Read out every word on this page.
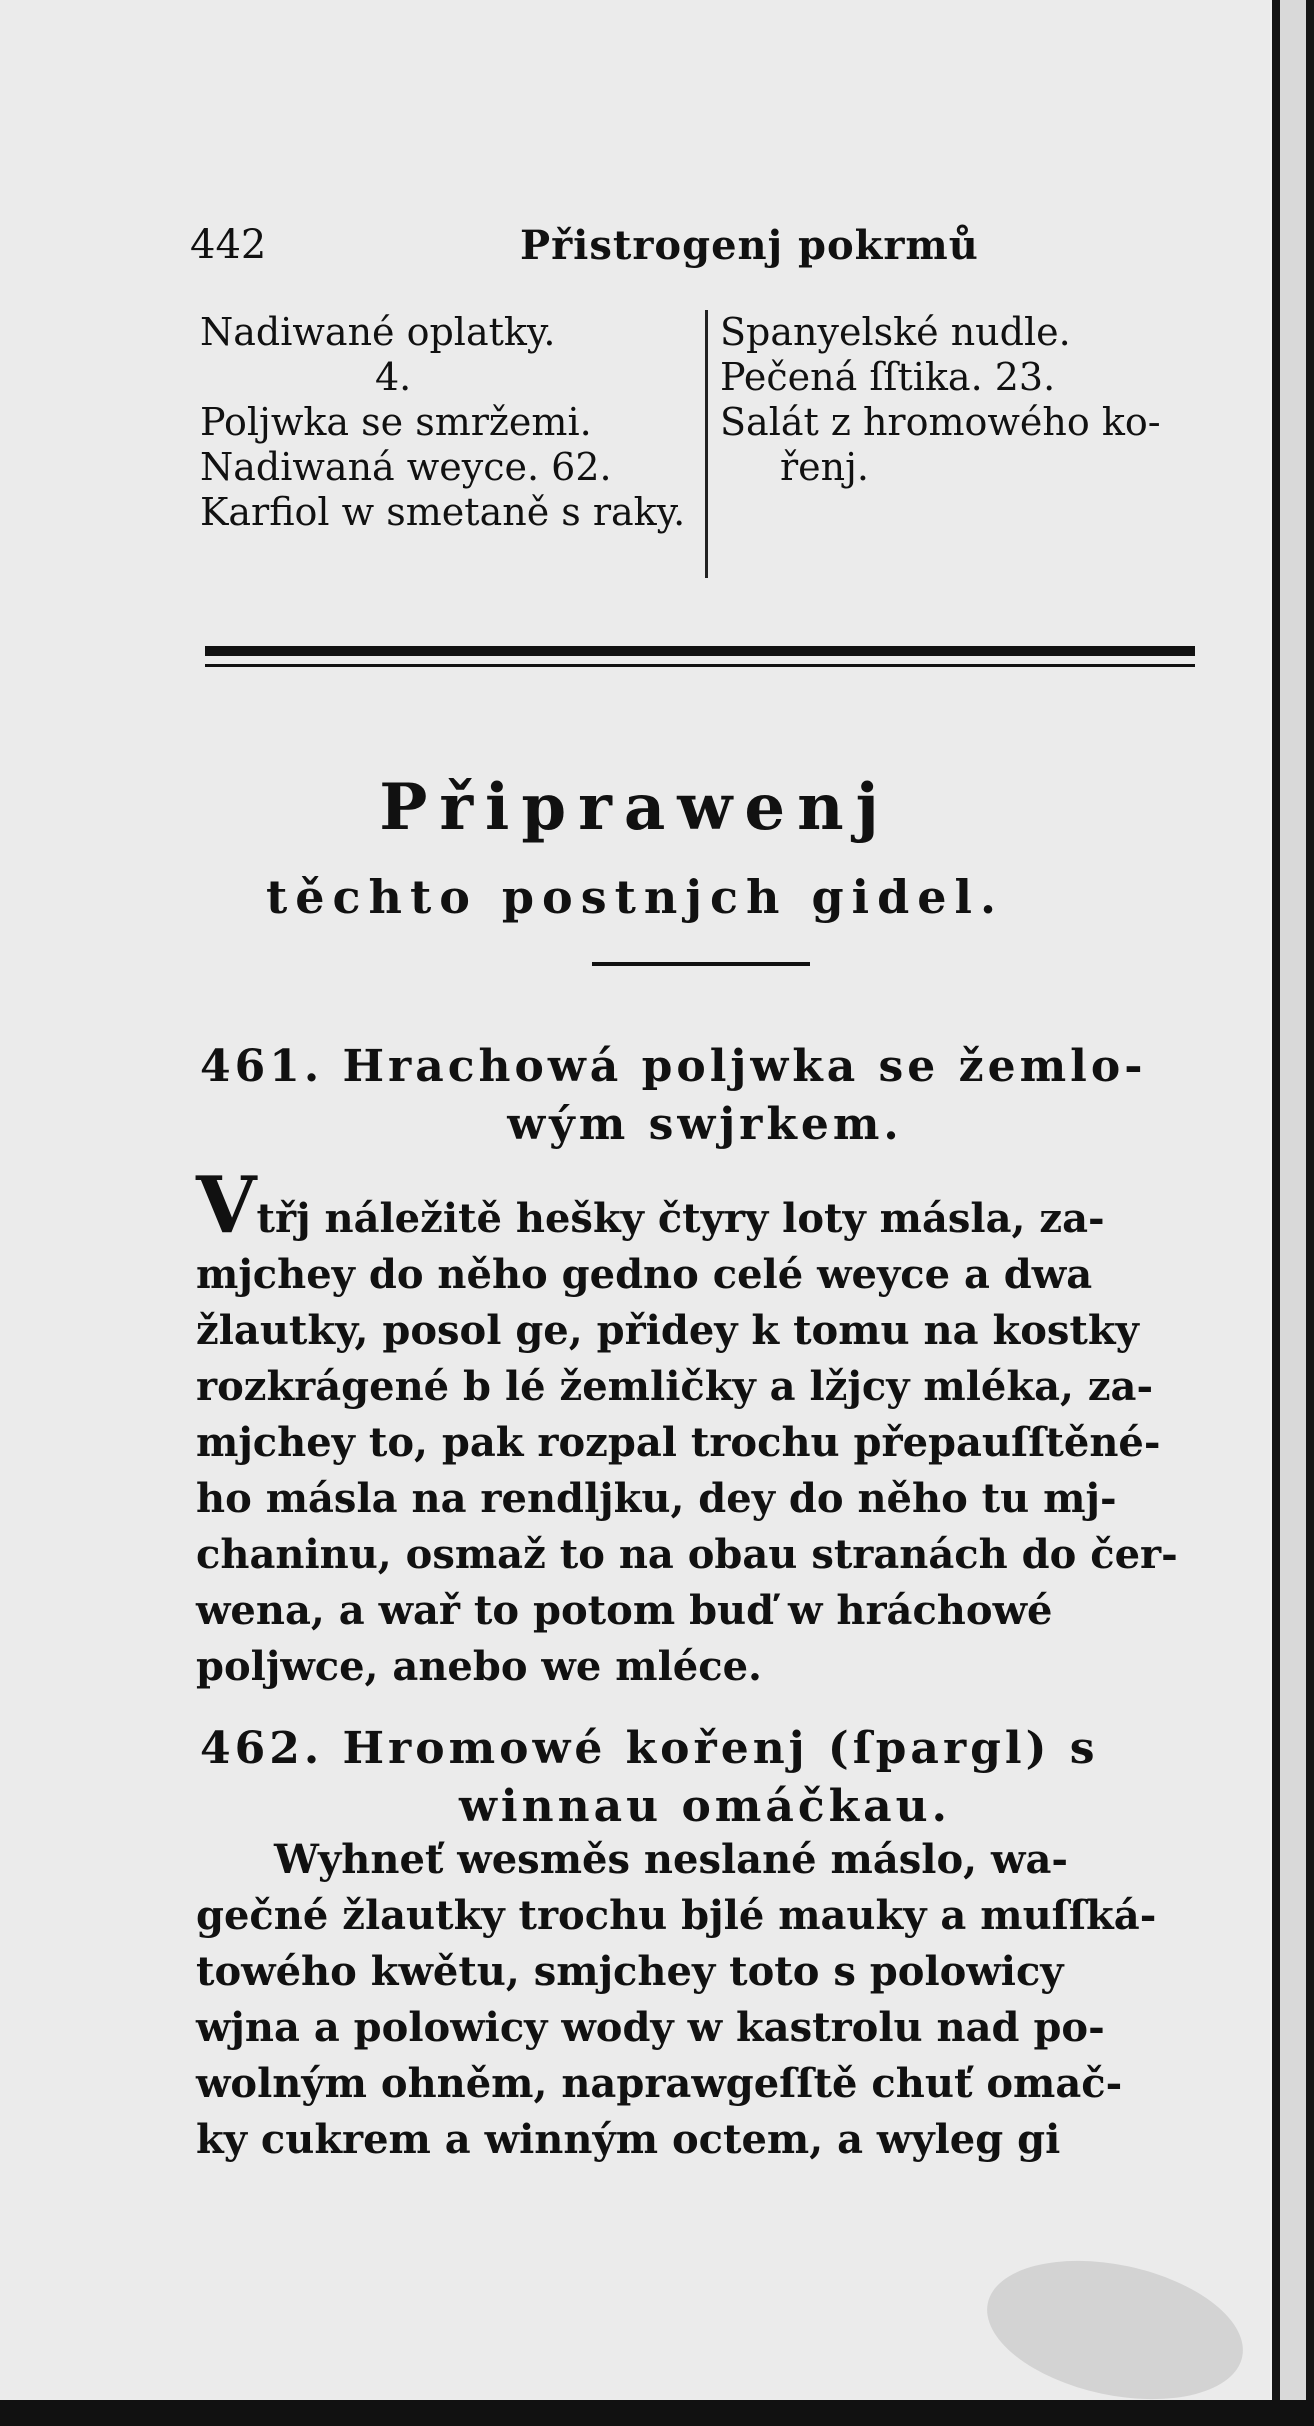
442	Přistrogenj pokrmů
Nadiwané oplatky.
4.
Poljwka se smržemi.
Nadiwaná weyce. 62.
Karfiol w smetaně s raky.
Spanyelské nudle.
Pečená ſſtika. 23.
Salát z hromowého ko-
řenj.
Připrawenj
těchto postnjch gidel.
461. Hrachowá poljwka se žemlo-
wým swjrkem.
Vtřj náležitě hešky čtyry loty másla, za-
mjchey do něho gedno celé weyce a dwa
žlautky, posol ge, přidey k tomu na kostky
rozkrágené b lé žemličky a lžjcy mléka, za-
mjchey to, pak rozpal trochu přepauſſtěné-
ho másla na rendljku, dey do něho tu mj-
chaninu, osmaž to na obau stranách do čer-
wena, a wař to potom buď w hráchowé
poljwce, anebo we mléce.
462. Hromowé kořenj (ſpargl) s
winnau omáčkau.
Wyhneť wesměs neslané máslo, wa-
gečné žlautky trochu bjlé mauky a muſſká-
towého kwětu, smjchey toto s polowicy
wjna a polowicy wody w kastrolu nad po-
wolným ohněm, naprawgeſſtě chuť omač-
ky cukrem a winným octem, a wyleg gi
